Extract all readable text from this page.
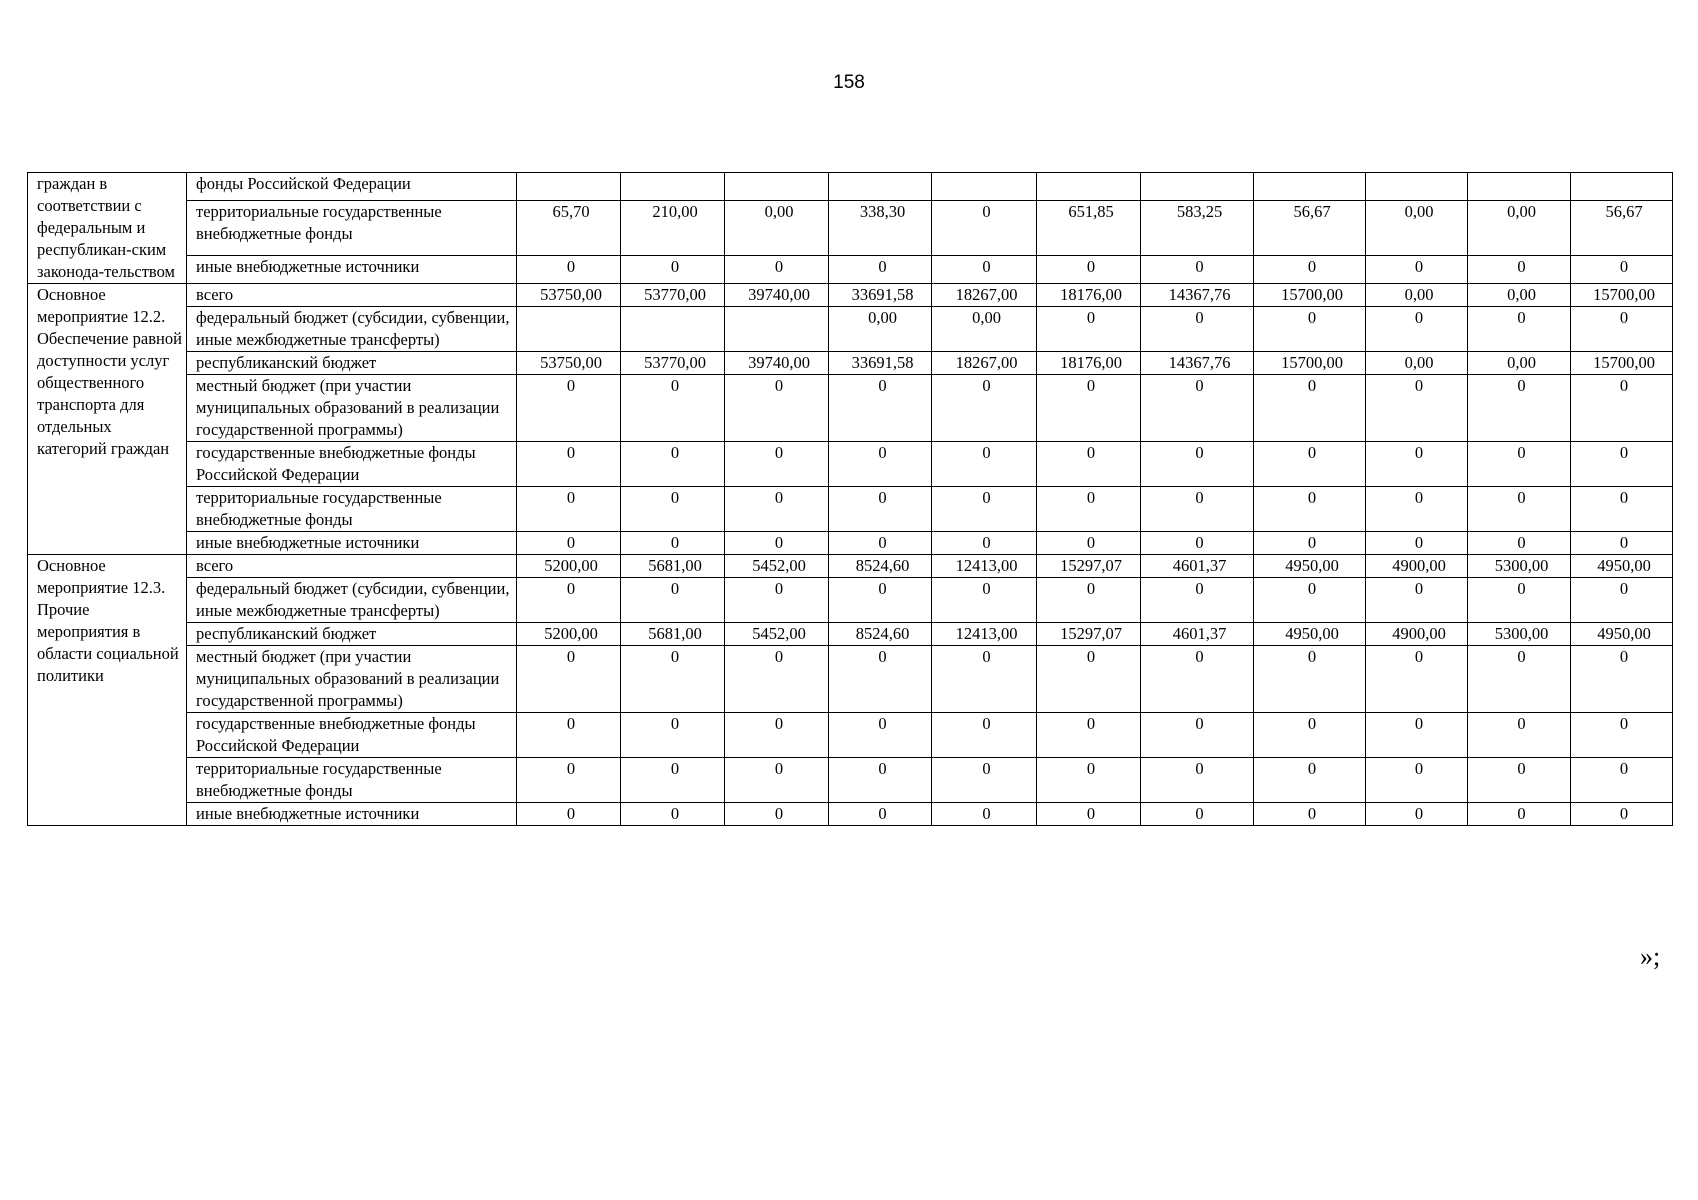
158
граждан в соответствии с федеральным и республикан-ским законода-тельством	фонды Российской Федерации											
	территориальные государственные внебюджетные фонды	65,70	210,00	0,00	338,30	0	651,85	583,25	56,67	0,00	0,00	56,67
	иные внебюджетные источники	0	0	0	0	0	0	0	0	0	0	0
Основное мероприятие 12.2. Обеспечение равной доступности услуг общественного транспорта для отдельных категорий граждан	всего	53750,00	53770,00	39740,00	33691,58	18267,00	18176,00	14367,76	15700,00	0,00	0,00	15700,00
	федеральный бюджет (субсидии, субвенции, иные межбюджетные трансферты)				0,00	0,00	0	0	0	0	0	0
	республиканский бюджет	53750,00	53770,00	39740,00	33691,58	18267,00	18176,00	14367,76	15700,00	0,00	0,00	15700,00
	местный бюджет (при участии муниципальных образований в реализации государственной программы)	0	0	0	0	0	0	0	0	0	0	0
	государственные внебюджетные фонды Российской Федерации	0	0	0	0	0	0	0	0	0	0	0
	территориальные государственные внебюджетные фонды	0	0	0	0	0	0	0	0	0	0	0
	иные внебюджетные источники	0	0	0	0	0	0	0	0	0	0	0
Основное мероприятие 12.3. Прочие мероприятия в области социальной политики	всего	5200,00	5681,00	5452,00	8524,60	12413,00	15297,07	4601,37	4950,00	4900,00	5300,00	4950,00
	федеральный бюджет (субсидии, субвенции, иные межбюджетные трансферты)	0	0	0	0	0	0	0	0	0	0	0
	республиканский бюджет	5200,00	5681,00	5452,00	8524,60	12413,00	15297,07	4601,37	4950,00	4900,00	5300,00	4950,00
	местный бюджет (при участии муниципальных образований в реализации государственной программы)	0	0	0	0	0	0	0	0	0	0	0
	государственные внебюджетные фонды Российской Федерации	0	0	0	0	0	0	0	0	0	0	0
	территориальные государственные внебюджетные фонды	0	0	0	0	0	0	0	0	0	0	0
	иные внебюджетные источники	0	0	0	0	0	0	0	0	0	0	0
»;
